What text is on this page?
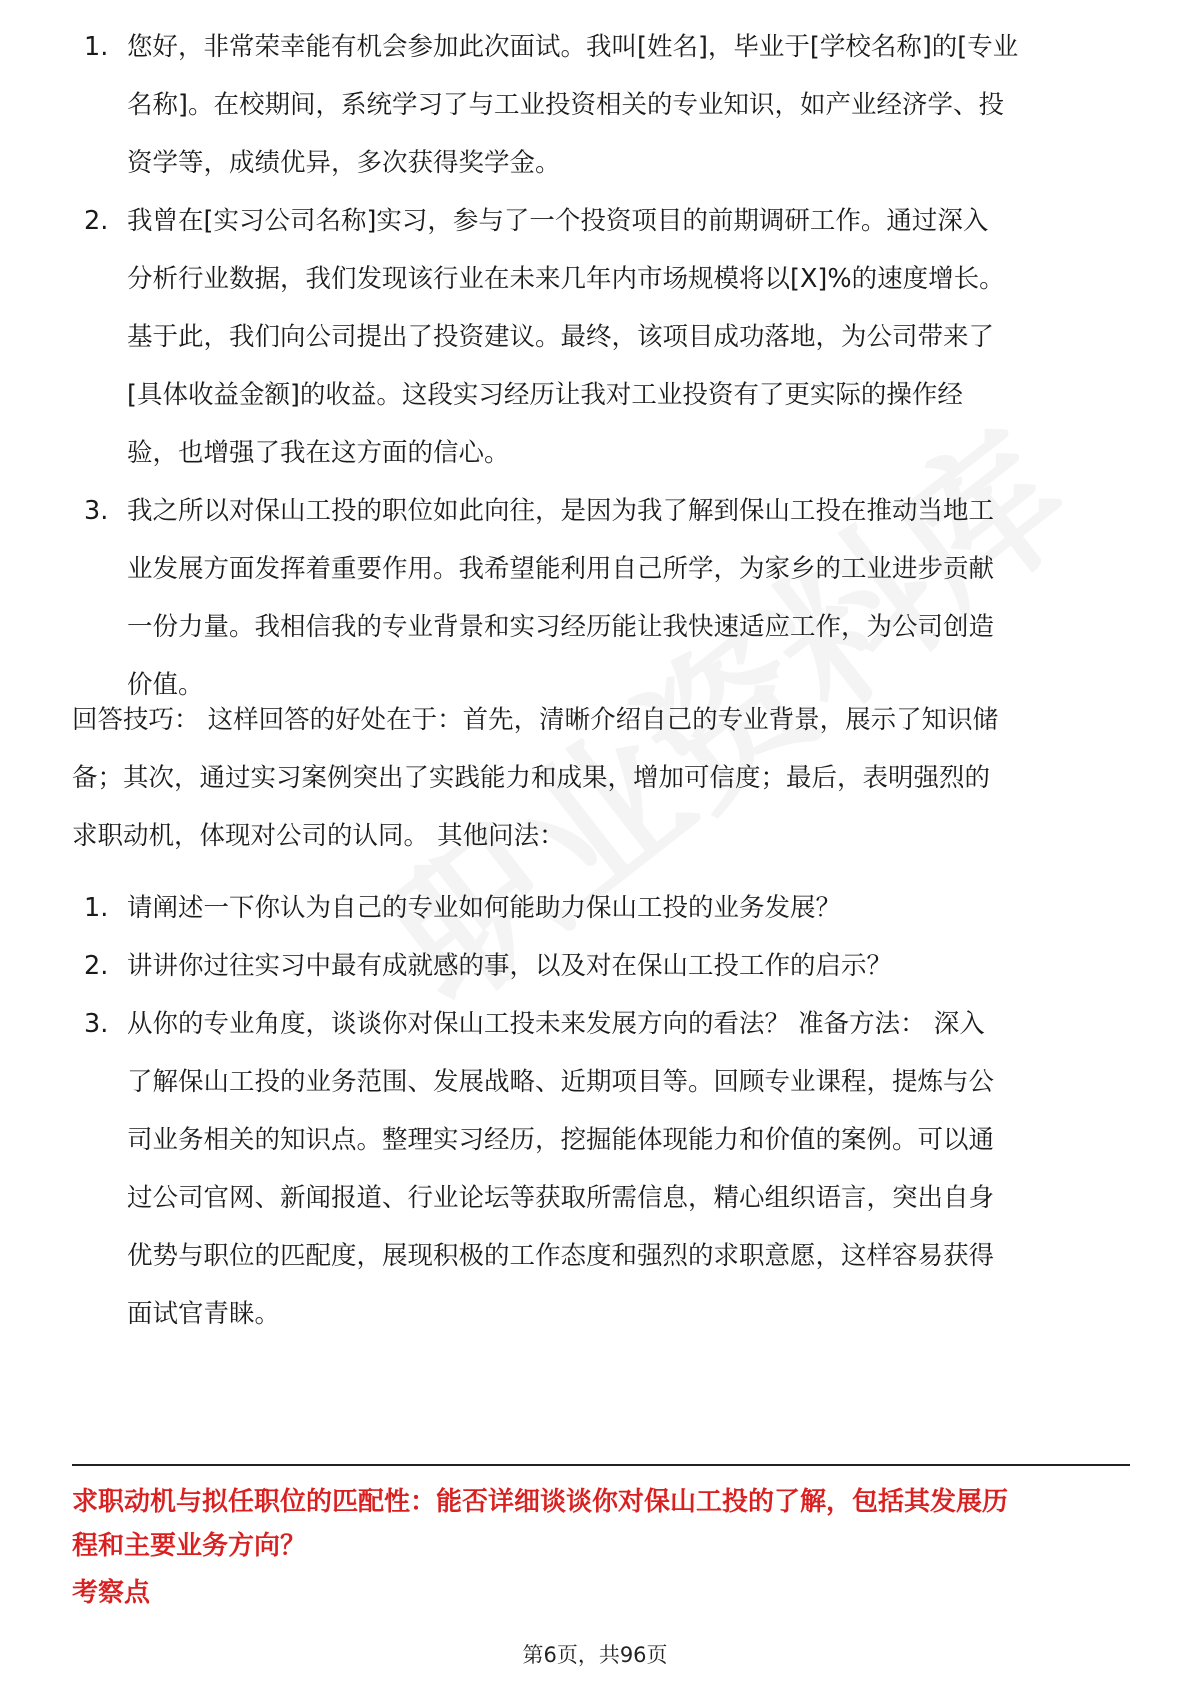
1. 您好，非常荣幸能有机会参加此次面试。我叫[姓名]，毕业于[学校名称]的[专业
名称]。在校期间，系统学习了与工业投资相关的专业知识，如产业经济学、投
资学等，成绩优异，多次获得奖学金。
2. 我曾在[实习公司名称]实习，参与了一个投资项目的前期调研工作。通过深入
分析行业数据，我们发现该行业在未来几年内市场规模将以[X]%的速度增长。
基于此，我们向公司提出了投资建议。最终，该项目成功落地，为公司带来了
[具体收益金额]的收益。这段实习经历让我对工业投资有了更实际的操作经
验，也增强了我在这方面的信心。
3. 我之所以对保山工投的职位如此向往，是因为我了解到保山工投在推动当地工
业发展方面发挥着重要作用。我希望能利用自己所学，为家乡的工业进步贡献
一份力量。我相信我的专业背景和实习经历能让我快速适应工作，为公司创造
价值。
回答技巧： 这样回答的好处在于：首先，清晰介绍自己的专业背景，展示了知识储
备；其次，通过实习案例突出了实践能力和成果，增加可信度；最后，表明强烈的
求职动机，体现对公司的认同。 其他问法：
1. 请阐述一下你认为自己的专业如何能助力保山工投的业务发展？
2. 讲讲你过往实习中最有成就感的事，以及对在保山工投工作的启示？
3. 从你的专业角度，谈谈你对保山工投未来发展方向的看法？ 准备方法： 深入
了解保山工投的业务范围、发展战略、近期项目等。回顾专业课程，提炼与公
司业务相关的知识点。整理实习经历，挖掘能体现能力和价值的案例。可以通
过公司官网、新闻报道、行业论坛等获取所需信息，精心组织语言，突出自身
优势与职位的匹配度，展现积极的工作态度和强烈的求职意愿，这样容易获得
面试官青睐。
求职动机与拟任职位的匹配性：能否详细谈谈你对保山工投的了解，包括其发展历
程和主要业务方向？
考察点
第6页，共96页
